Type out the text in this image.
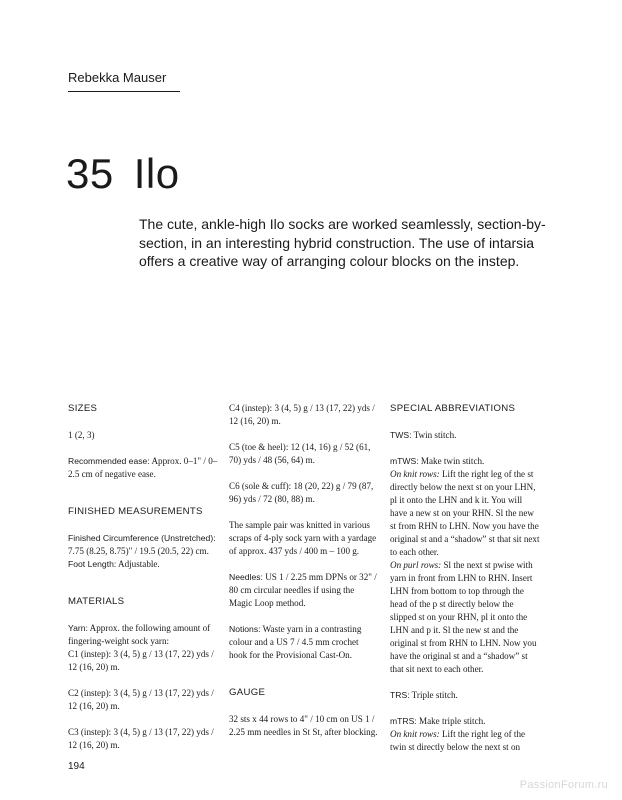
Rebekka Mauser
35 Ilo
The cute, ankle-high Ilo socks are worked seamlessly, section-by-section, in an interesting hybrid construction. The use of intarsia offers a creative way of arranging colour blocks on the instep.
SIZES
1 (2, 3)
Recommended ease: Approx. 0–1" / 0–2.5 cm of negative ease.
FINISHED MEASUREMENTS
Finished Circumference (Unstretched): 7.75 (8.25, 8.75)" / 19.5 (20.5, 22) cm.
Foot Length: Adjustable.
MATERIALS
Yarn: Approx. the following amount of fingering-weight sock yarn:
C1 (instep): 3 (4, 5) g / 13 (17, 22) yds / 12 (16, 20) m.
C2 (instep): 3 (4, 5) g / 13 (17, 22) yds / 12 (16, 20) m.
C3 (instep): 3 (4, 5) g / 13 (17, 22) yds / 12 (16, 20) m.
C4 (instep): 3 (4, 5) g / 13 (17, 22) yds / 12 (16, 20) m.
C5 (toe & heel): 12 (14, 16) g / 52 (61, 70) yds / 48 (56, 64) m.
C6 (sole & cuff): 18 (20, 22) g / 79 (87, 96) yds / 72 (80, 88) m.
The sample pair was knitted in various scraps of 4-ply sock yarn with a yardage of approx. 437 yds / 400 m – 100 g.
Needles: US 1 / 2.25 mm DPNs or 32" / 80 cm circular needles if using the Magic Loop method.
Notions: Waste yarn in a contrasting colour and a US 7 / 4.5 mm crochet hook for the Provisional Cast-On.
GAUGE
32 sts x 44 rows to 4" / 10 cm on US 1 / 2.25 mm needles in St St, after blocking.
SPECIAL ABBREVIATIONS
TWS: Twin stitch.
mTWS: Make twin stitch.
On knit rows: Lift the right leg of the st directly below the next st on your LHN, pl it onto the LHN and k it. You will have a new st on your RHN. Sl the new st from RHN to LHN. Now you have the original st and a “shadow” st that sit next to each other.
On purl rows: Sl the next st pwise with yarn in front from LHN to RHN. Insert LHN from bottom to top through the head of the p st directly below the slipped st on your RHN, pl it onto the LHN and p it. Sl the new st and the original st from RHN to LHN. Now you have the original st and a “shadow” st that sit next to each other.
TRS: Triple stitch.
mTRS: Make triple stitch.
On knit rows: Lift the right leg of the twin st directly below the next st on
194
PassionForum.ru
